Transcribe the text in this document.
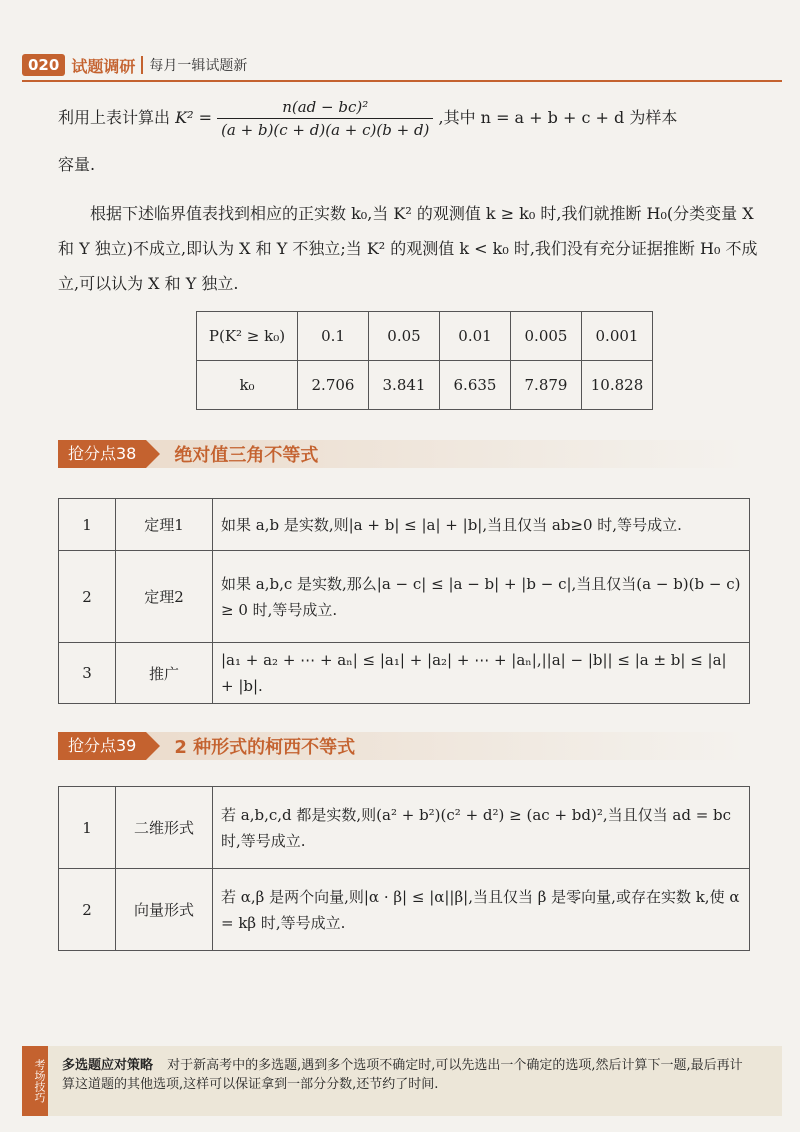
020 试题调研 每月一辑试题新
利用上表计算出 $K^2 = \frac{\text{n(ad − bc)²}}{(a + b)(c + d)(a + c)(b + d)}$ ,其中 n = a + b + c + d 为样本
容量.
根据下述临界值表找到相应的正实数 k₀,当 K² 的观测值 k ≥ k₀ 时,我们就推断 H₀(分类变量 X 和 Y 独立)不成立,即认为 X 和 Y 不独立;当 K² 的观测值 k < k₀ 时,我们没有充分证据推断 H₀ 不成立,可以认为 X 和 Y 独立.
P(K² ≥ k₀)	0.1	0.05	0.01	0.005	0.001
k₀	2.706	3.841	6.635	7.879	10.828
抢分点38	绝对值三角不等式
1	定理1	如果 a,b 是实数,则|a + b| ≤ |a| + |b|,当且仅当 ab≥0 时,等号成立.
2	定理2	如果 a,b,c 是实数,那么|a − c| ≤ |a − b| + |b − c|,当且仅当(a − b)(b − c) ≥ 0 时,等号成立.
3	推广	|a₁ + a₂ + ⋯ + aₙ| ≤ |a₁| + |a₂| + ⋯ + |aₙ|,||a| − |b|| ≤ |a ± b| ≤ |a| + |b|.
抢分点39	2 种形式的柯西不等式
1	二维形式	若 a,b,c,d 都是实数,则(a² + b²)(c² + d²) ≥ (ac + bd)²,当且仅当 ad = bc 时,等号成立.
2	向量形式	若 α,β 是两个向量,则|α · β| ≤ |α||β|,当且仅当 β 是零向量,或存在实数 k,使 α = kβ 时,等号成立.
考场技巧 多选题应对策略 对于新高考中的多选题,遇到多个选项不确定时,可以先选出一个确定的选项,然后计算下一题,最后再计算这道题的其他选项,这样可以保证拿到一部分分数,还节约了时间.
